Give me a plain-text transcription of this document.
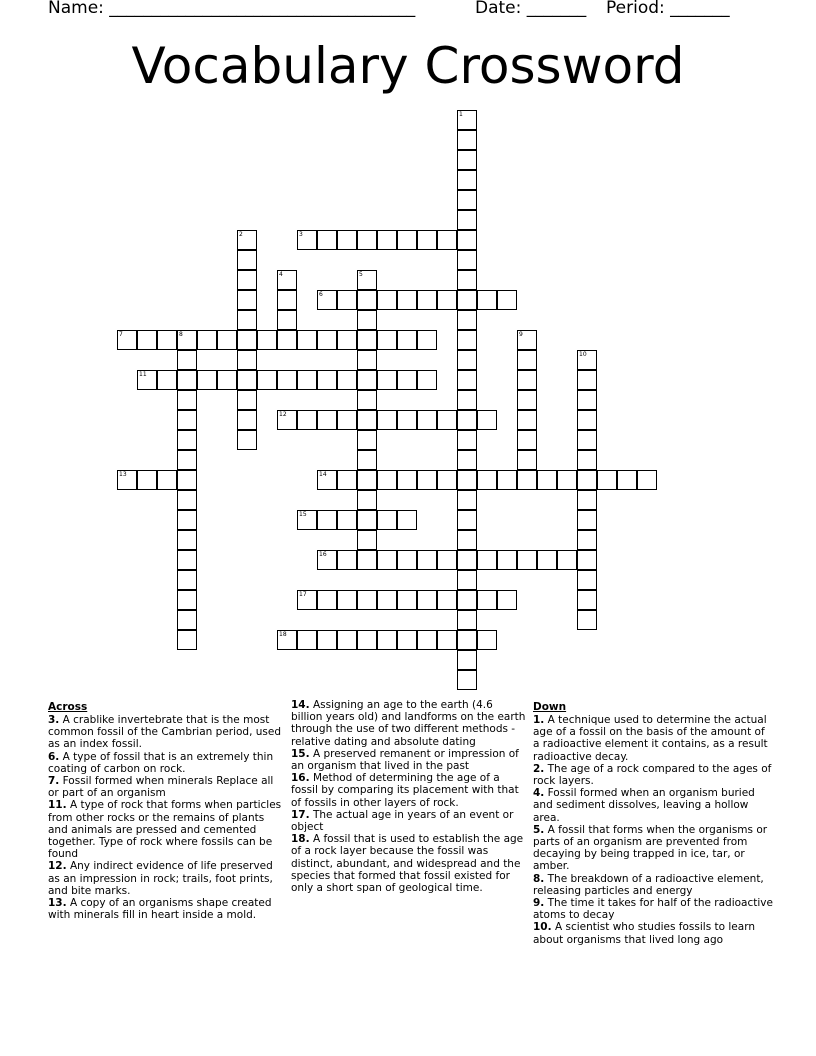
Name: ____________________________________	Date: _______ Period: _______
Vocabulary Crossword
1
2	3
4	5
6
7	8	9
10
11
12
13	14
15
16
17
18
Across

3. A crablike invertebrate that is the most common fossil of the Cambrian period, used as an index fossil.

6. A type of fossil that is an extremely thin coating of carbon on rock.

7. Fossil formed when minerals Replace all or part of an organism

11. A type of rock that forms when particles from other rocks or the remains of plants and animals are pressed and cemented together. Type of rock where fossils can be found

12. Any indirect evidence of life preserved as an impression in rock; trails, foot prints, and bite marks.

13. A copy of an organisms shape created with minerals fill in heart inside a mold.

14. Assigning an age to the earth (4.6 billion years old) and landforms on the earth through the use of two different methods - relative dating and absolute dating

15. A preserved remanent or impression of an organism that lived in the past

16. Method of determining the age of a fossil by comparing its placement with that of fossils in other layers of rock.

17. The actual age in years of an event or object

18. A fossil that is used to establish the age of a rock layer because the fossil was distinct, abundant, and widespread and the species that formed that fossil existed for only a short span of geological time.

Down

1. A technique used to determine the actual age of a fossil on the basis of the amount of a radioactive element it contains, as a result radioactive decay.

2. The age of a rock compared to the ages of rock layers.

4. Fossil formed when an organism buried and sediment dissolves, leaving a hollow area.

5. A fossil that forms when the organisms or parts of an organism are prevented from decaying by being trapped in ice, tar, or amber.

8. The breakdown of a radioactive element, releasing particles and energy

9. The time it takes for half of the radioactive atoms to decay

10. A scientist who studies fossils to learn about organisms that lived long ago
